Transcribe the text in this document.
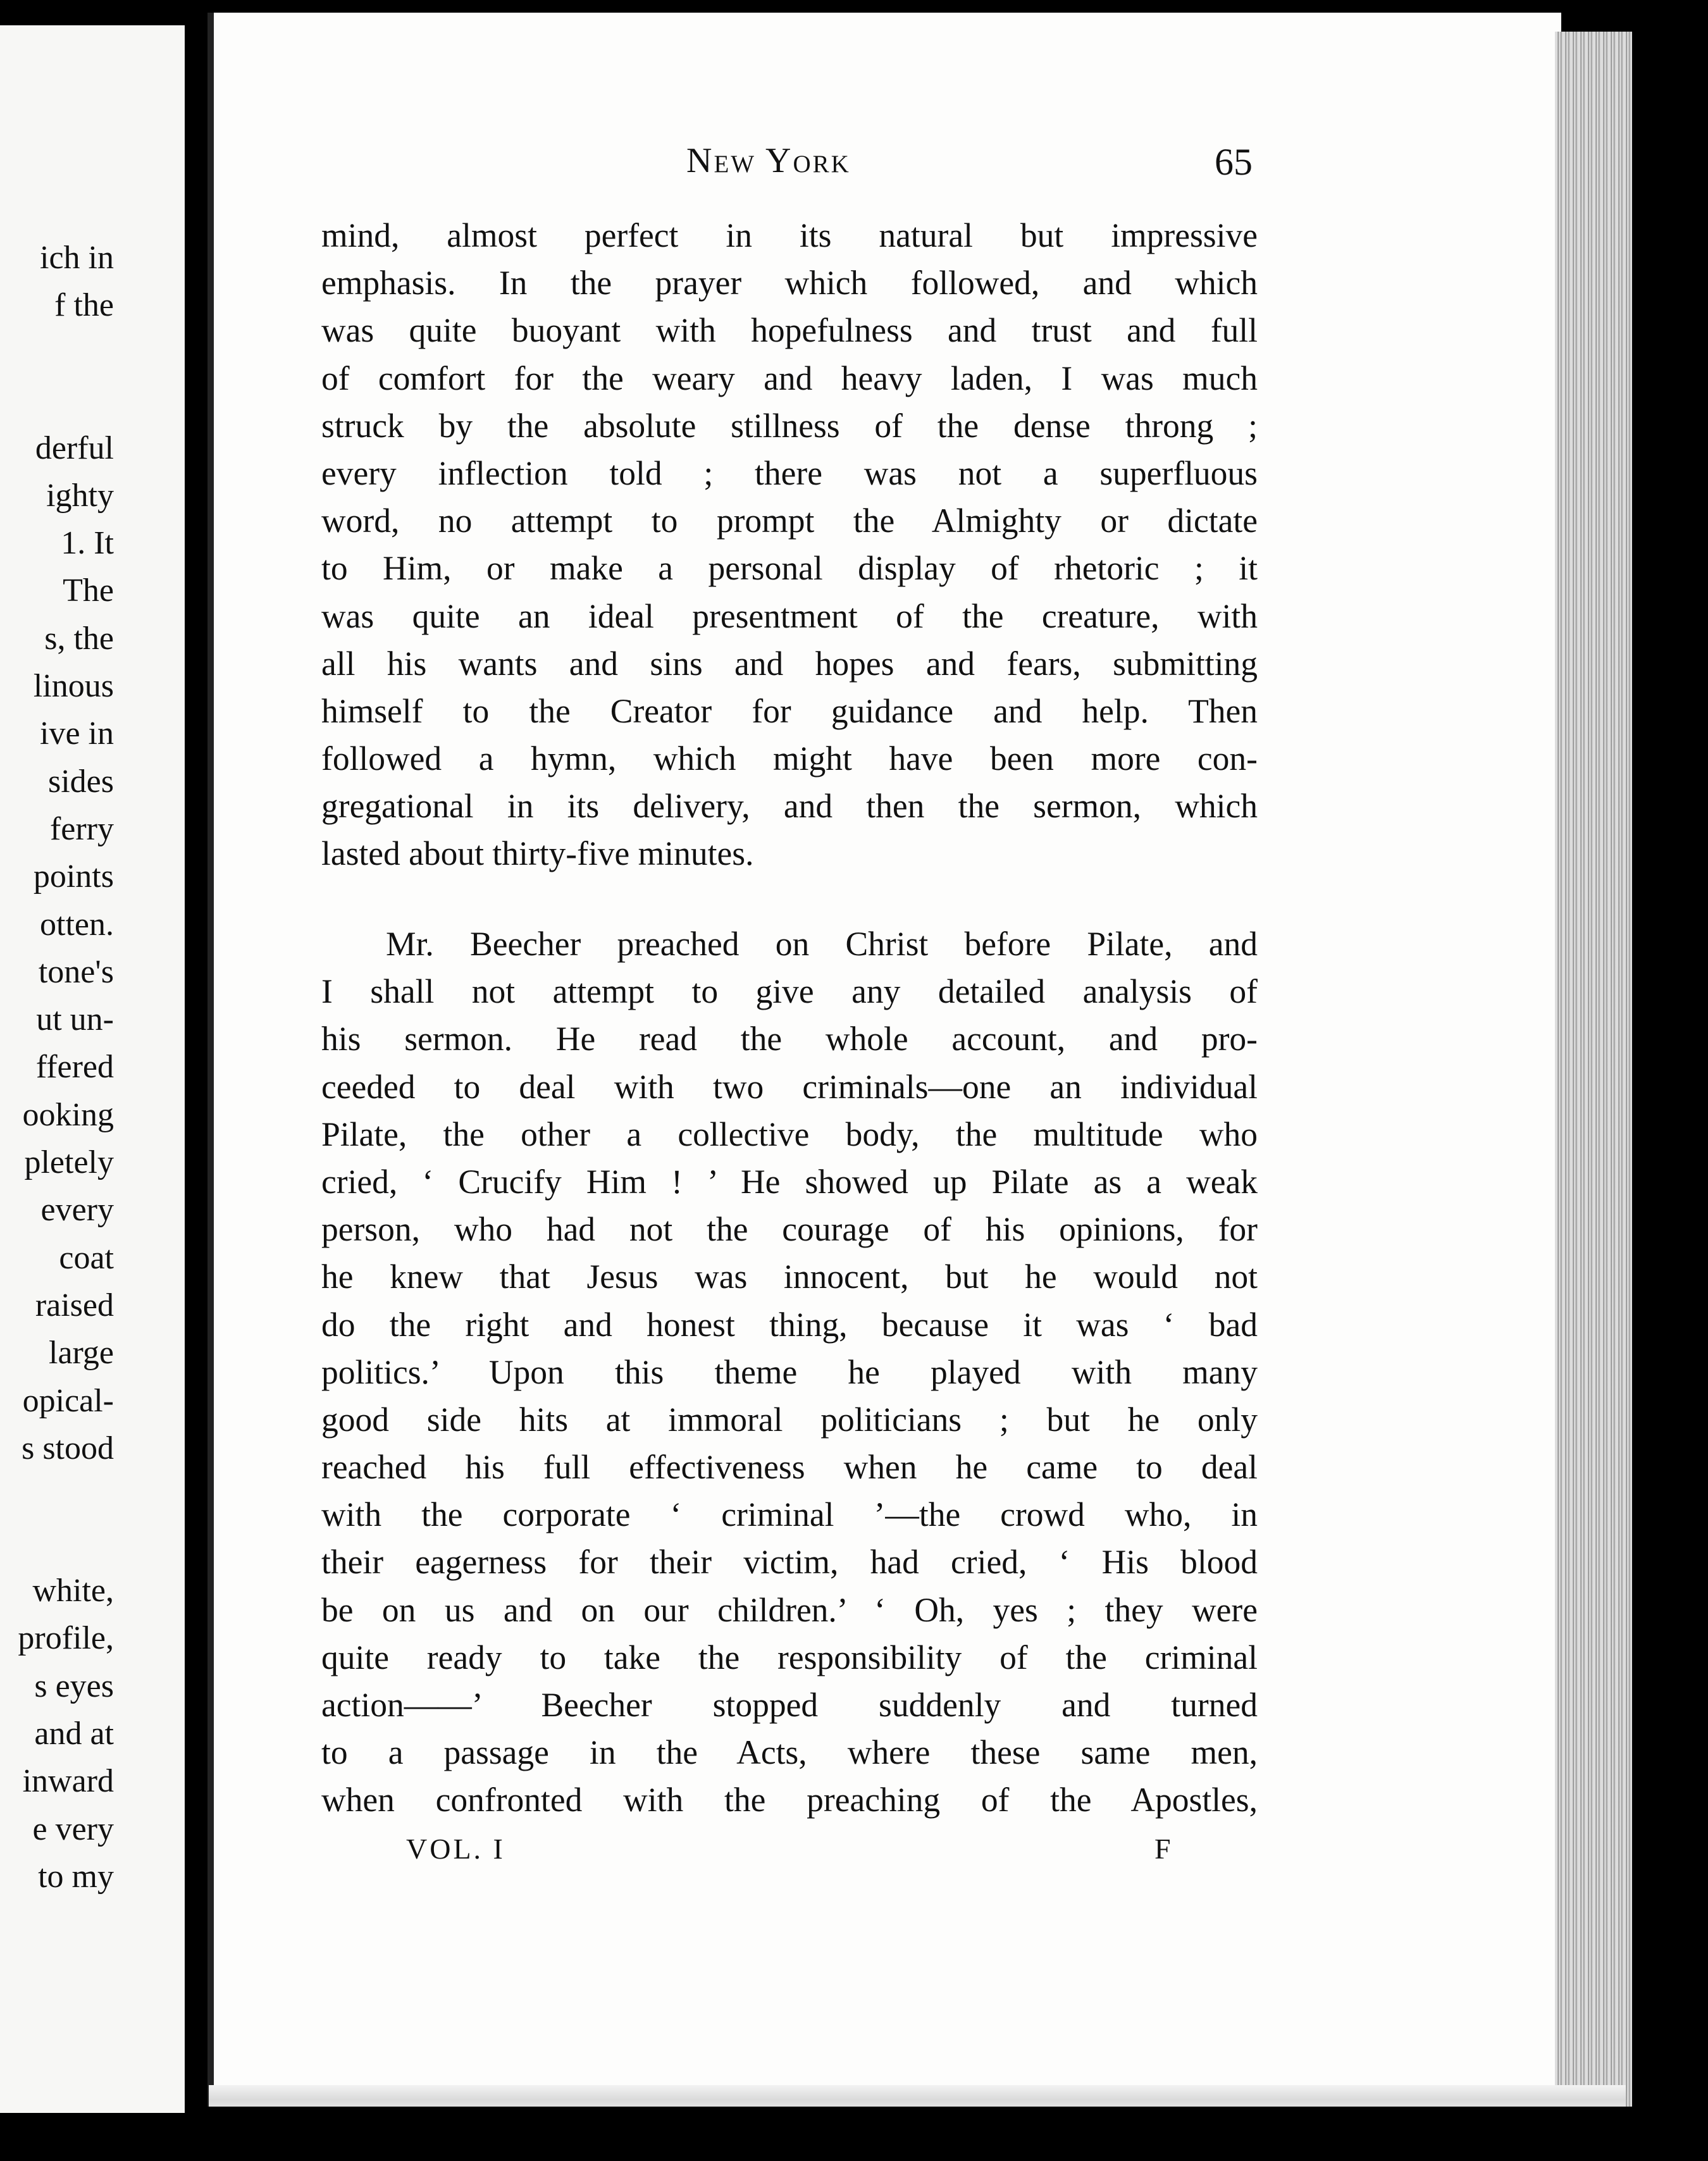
ich in
f the
derful
ighty
1. It
The
s, the
linous
ive in
sides
ferry
points
otten.
tone's
ut un-
ffered
ooking
pletely
every
coat
raised
large
opical-
s stood
white,
profile,
s eyes
and at
inward
e very
to my
New York	65
mind, almost perfect in its natural but impressive
emphasis. In the prayer which followed, and which
was quite buoyant with hopefulness and trust and full
of comfort for the weary and heavy laden, I was much
struck by the absolute stillness of the dense throng ;
every inflection told ; there was not a superfluous
word, no attempt to prompt the Almighty or dictate
to Him, or make a personal display of rhetoric ; it
was quite an ideal presentment of the creature, with
all his wants and sins and hopes and fears, submitting
himself to the Creator for guidance and help. Then
followed a hymn, which might have been more con-
gregational in its delivery, and then the sermon, which
lasted about thirty-five minutes.
Mr. Beecher preached on Christ before Pilate, and
I shall not attempt to give any detailed analysis of
his sermon. He read the whole account, and pro-
ceeded to deal with two criminals—one an individual
Pilate, the other a collective body, the multitude who
cried, ‘ Crucify Him ! ’ He showed up Pilate as a weak
person, who had not the courage of his opinions, for
he knew that Jesus was innocent, but he would not
do the right and honest thing, because it was ‘ bad
politics.’ Upon this theme he played with many
good side hits at immoral politicians ; but he only
reached his full effectiveness when he came to deal
with the corporate ‘ criminal ’—the crowd who, in
their eagerness for their victim, had cried, ‘ His blood
be on us and on our children.’ ‘ Oh, yes ; they were
quite ready to take the responsibility of the criminal
action——’ Beecher stopped suddenly and turned
to a passage in the Acts, where these same men,
when confronted with the preaching of the Apostles,
VOL. I	F
